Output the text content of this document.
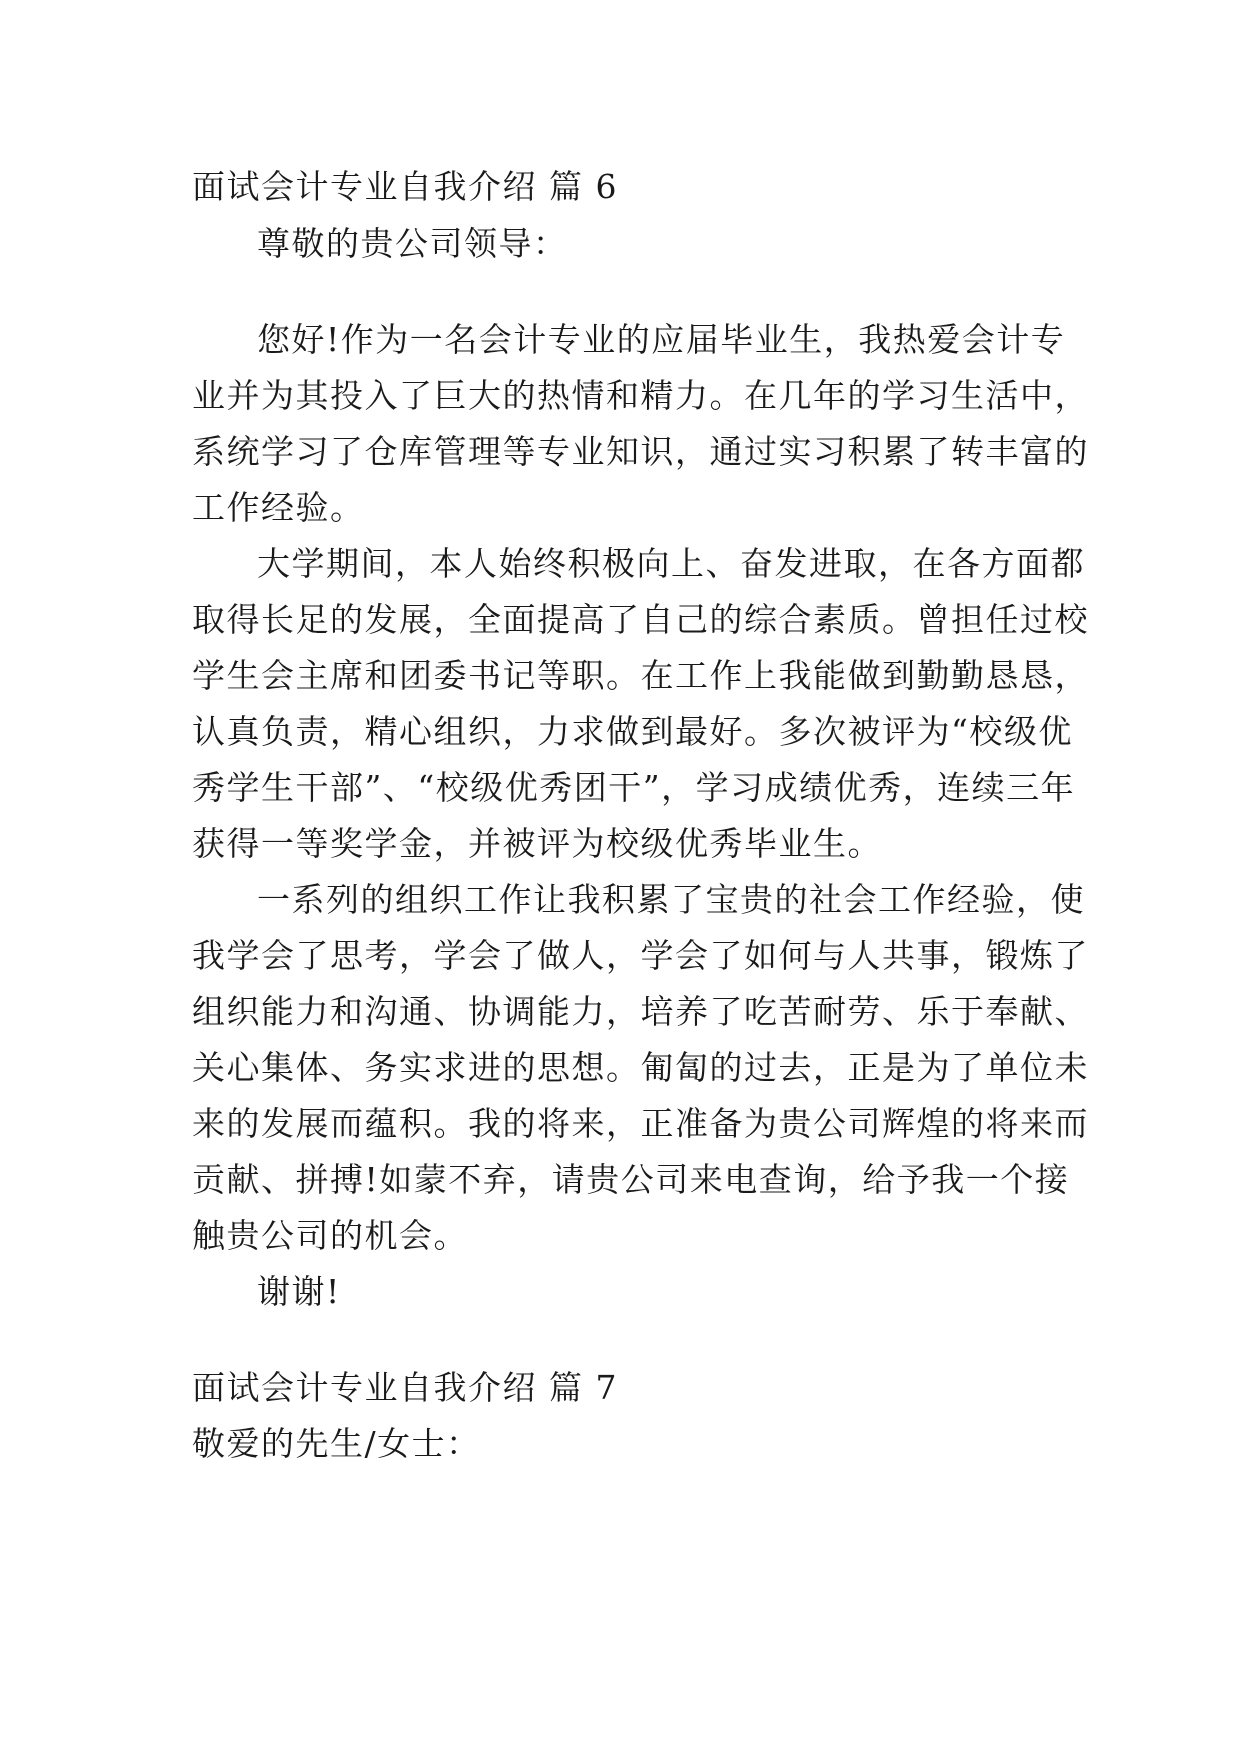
面试会计专业自我介绍 篇 6
尊敬的贵公司领导：
您好!作为一名会计专业的应届毕业生，我热爱会计专
业并为其投入了巨大的热情和精力。在几年的学习生活中，
系统学习了仓库管理等专业知识，通过实习积累了转丰富的
工作经验。
大学期间，本人始终积极向上、奋发进取，在各方面都
取得长足的发展，全面提高了自己的综合素质。曾担任过校
学生会主席和团委书记等职。在工作上我能做到勤勤恳恳，
认真负责，精心组织，力求做到最好。多次被评为“校级优
秀学生干部”、“校级优秀团干”，学习成绩优秀，连续三年
获得一等奖学金，并被评为校级优秀毕业生。
一系列的组织工作让我积累了宝贵的社会工作经验，使
我学会了思考，学会了做人，学会了如何与人共事，锻炼了
组织能力和沟通、协调能力，培养了吃苦耐劳、乐于奉献、
关心集体、务实求进的思想。匍匐的过去，正是为了单位未
来的发展而蕴积。我的将来，正准备为贵公司辉煌的将来而
贡献、拼搏!如蒙不弃，请贵公司来电查询，给予我一个接
触贵公司的机会。
谢谢!
面试会计专业自我介绍 篇 7
敬爱的先生/女士：
